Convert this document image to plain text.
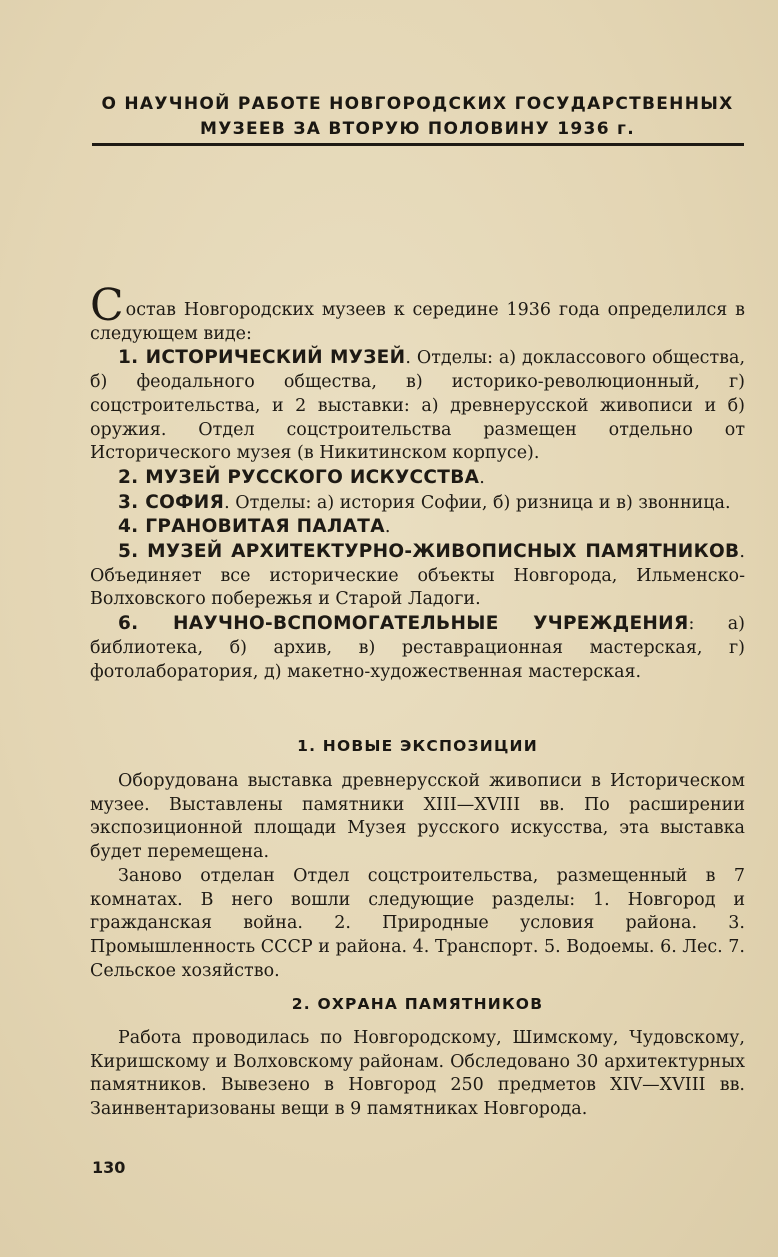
О НАУЧНОЙ РАБОТЕ НОВГОРОДСКИХ ГОСУДАРСТВЕННЫХ МУЗЕЕВ ЗА ВТОРУЮ ПОЛОВИНУ 1936 г.

Состав Новгородских музеев к середине 1936 года определился в следующем виде:

1. ИСТОРИЧЕСКИЙ МУЗЕЙ. Отделы: а) доклассового общества, б) феодального общества, в) историко-революционный, г) соцстроительства, и 2 выставки: а) древнерусской живописи и б) оружия. Отдел соцстроительства размещен отдельно от Исторического музея (в Никитинском корпусе).

2. МУЗЕЙ РУССКОГО ИСКУССТВА.

3. СОФИЯ. Отделы: а) история Софии, б) ризница и в) звонница.

4. ГРАНОВИТАЯ ПАЛАТА.

5. МУЗЕЙ АРХИТЕКТУРНО-ЖИВОПИСНЫХ ПАМЯТНИКОВ. Объединяет все исторические объекты Новгорода, Ильменско-Волховского побережья и Старой Ладоги.

6. НАУЧНО-ВСПОМОГАТЕЛЬНЫЕ УЧРЕЖДЕНИЯ: а) библиотека, б) архив, в) реставрационная мастерская, г) фотолаборатория, д) макетно-художественная мастерская.

1. НОВЫЕ ЭКСПОЗИЦИИ

Оборудована выставка древнерусской живописи в Историческом музее. Выставлены памятники XIII—XVIII вв. По расширении экспозиционной площади Музея русского искусства, эта выставка будет перемещена.

Заново отделан Отдел соцстроительства, размещенный в 7 комнатах. В него вошли следующие разделы: 1. Новгород и гражданская война. 2. Природные условия района. 3. Промышленность СССР и района. 4. Транспорт. 5. Водоемы. 6. Лес. 7. Сельское хозяйство.

2. ОХРАНА ПАМЯТНИКОВ

Работа проводилась по Новгородскому, Шимскому, Чудовскому, Киришскому и Волховскому районам. Обследовано 30 архитектурных памятников. Вывезено в Новгород 250 предметов XIV—XVIII вв. Заинвентаризованы вещи в 9 памятниках Новгорода.

130
